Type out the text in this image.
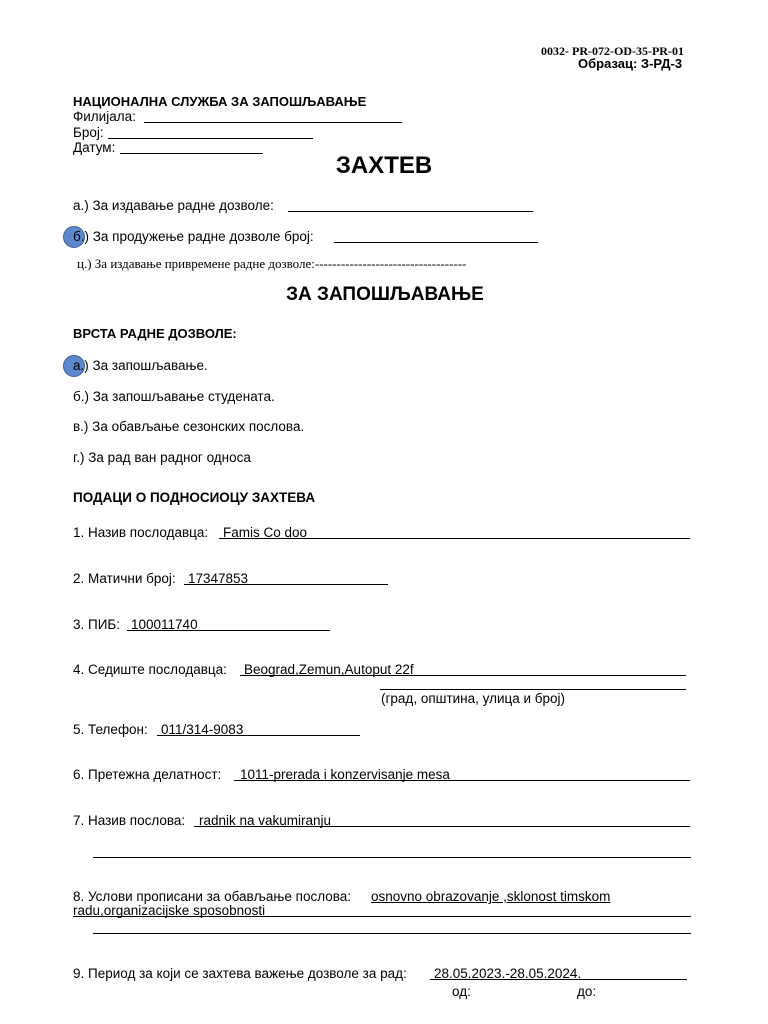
0032- PR-072-OD-35-PR-01
Образац: З-РД-3
НАЦИОНАЛНА СЛУЖБА ЗА ЗАПОШЉАВАЊЕ
Филијала:
Број:
Датум:
ЗАХТЕВ
а.) За издавање радне дозволе:
б.) За продужење радне дозволе број:
ц.) За издавање привремене радне дозволе:-----------------------------------
ЗА ЗАПОШЉАВАЊЕ
ВРСТА РАДНЕ ДОЗВОЛЕ:
а.) За запошљавање.
б.) За запошљавање студената.
в.) За обављање сезонских послова.
г.) За рад ван радног односа
ПОДАЦИ О ПОДНОСИОЦУ ЗАХТЕВА
1. Назив послодавца: Famis Co doo
2. Матични број: 17347853
3. ПИБ: 100011740
4. Седиште послодавца: Beograd,Zemun,Autoput 22f
(град, општина, улица и број)
5. Телефон: 011/314-9083
6. Претежна делатност: 1011-prerada i konzervisanje mesa
7. Назив послова: radnik na vakumiranju
8. Услови прописани за обављање послова: osnovno obrazovanje ,sklonost timskom
radu,organizacijske sposobnosti
9. Период за који се захтева важење дозволе за рад: 28.05.2023.-28.05.2024.
од:	до:
